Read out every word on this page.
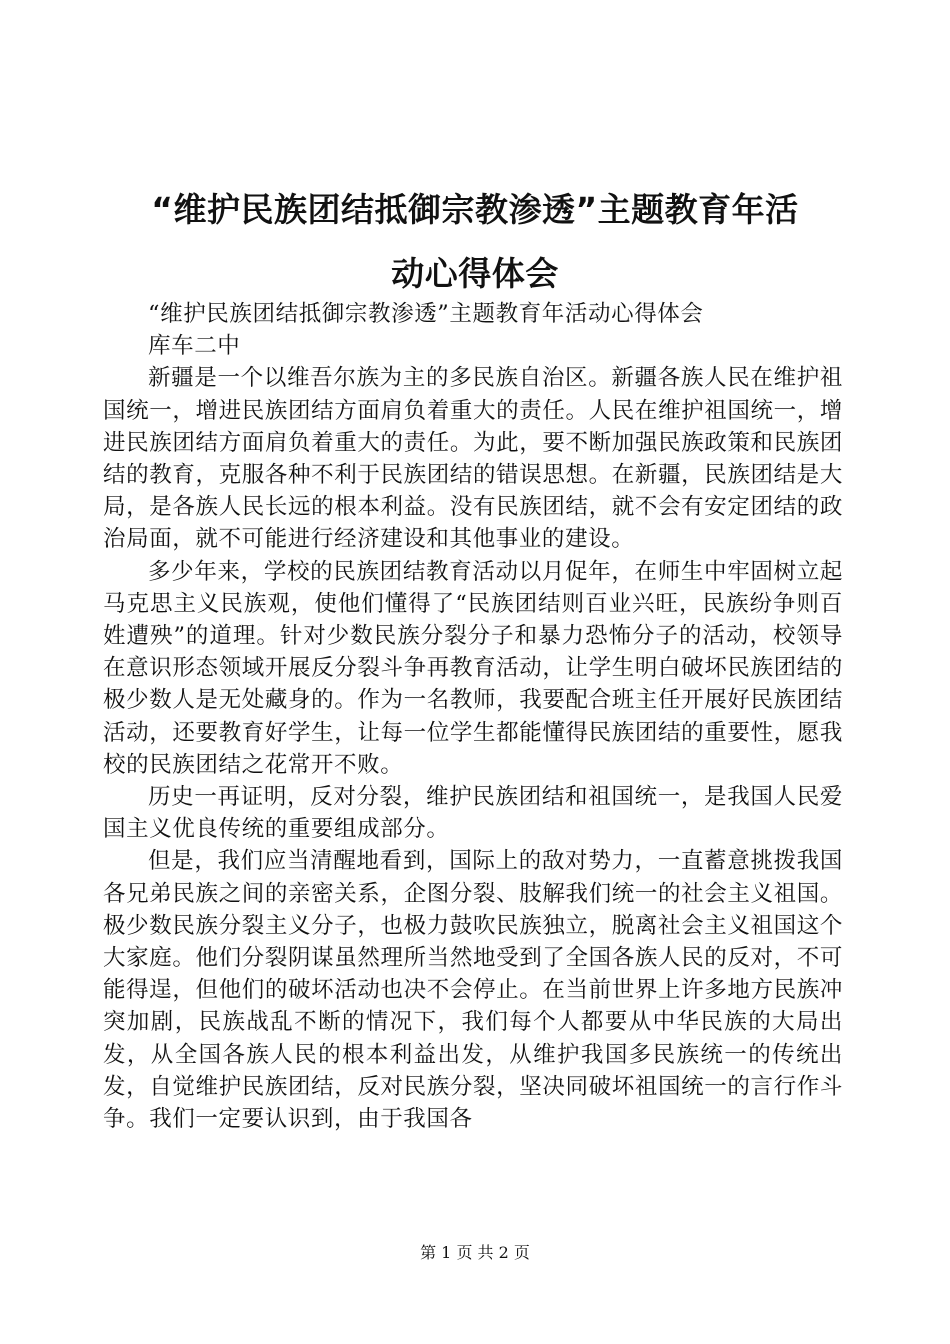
“维护民族团结抵御宗教渗透”主题教育年活
动心得体会

“维护民族团结抵御宗教渗透”主题教育年活动心得体会

库车二中

新疆是一个以维吾尔族为主的多民族自治区。新疆各族人民在维护祖国统一，增进民族团结方面肩负着重大的责任。人民在维护祖国统一，增进民族团结方面肩负着重大的责任。为此，要不断加强民族政策和民族团结的教育，克服各种不利于民族团结的错误思想。在新疆，民族团结是大局，是各族人民长远的根本利益。没有民族团结，就不会有安定团结的政治局面，就不可能进行经济建设和其他事业的建设。

多少年来，学校的民族团结教育活动以月促年，在师生中牢固树立起马克思主义民族观，使他们懂得了“民族团结则百业兴旺，民族纷争则百姓遭殃”的道理。针对少数民族分裂分子和暴力恐怖分子的活动，校领导在意识形态领域开展反分裂斗争再教育活动，让学生明白破坏民族团结的极少数人是无处藏身的。作为一名教师，我要配合班主任开展好民族团结活动，还要教育好学生，让每一位学生都能懂得民族团结的重要性，愿我校的民族团结之花常开不败。

历史一再证明，反对分裂，维护民族团结和祖国统一，是我国人民爱国主义优良传统的重要组成部分。

但是，我们应当清醒地看到，国际上的敌对势力，一直蓄意挑拨我国各兄弟民族之间的亲密关系，企图分裂、肢解我们统一的社会主义祖国。极少数民族分裂主义分子，也极力鼓吹民族独立，脱离社会主义祖国这个大家庭。他们分裂阴谋虽然理所当然地受到了全国各族人民的反对，不可能得逞，但他们的破坏活动也决不会停止。在当前世界上许多地方民族冲突加剧，民族战乱不断的情况下，我们每个人都要从中华民族的大局出发，从全国各族人民的根本利益出发，从维护我国多民族统一的传统出发，自觉维护民族团结，反对民族分裂，坚决同破坏祖国统一的言行作斗争。我们一定要认识到，由于我国各

第 1 页 共 2 页
